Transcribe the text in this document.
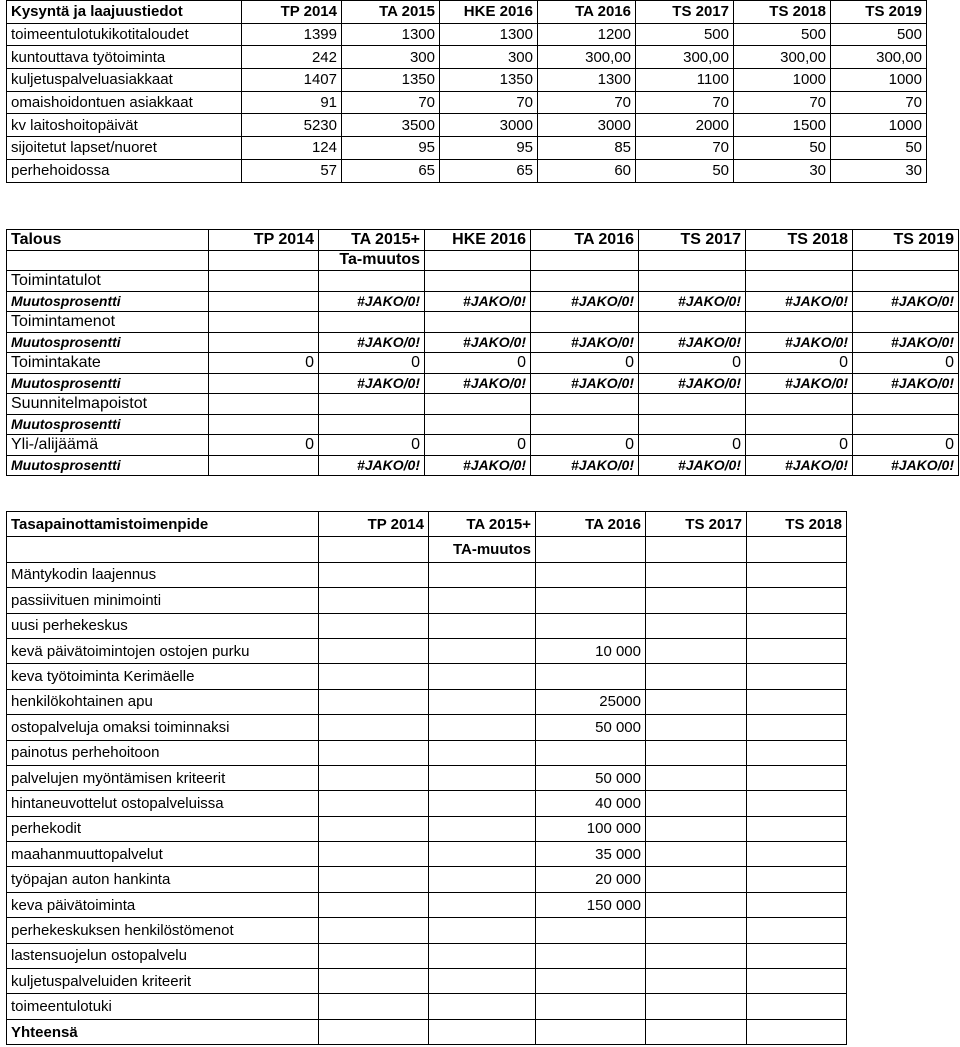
Kysyntä ja laajuustiedot	TP 2014	TA 2015	HKE 2016	TA 2016	TS 2017	TS 2018	TS 2019
toimeentulotukikotitaloudet	1399	1300	1300	1200	500	500	500
kuntouttava työtoiminta	242	300	300	300,00	300,00	300,00	300,00
kuljetuspalveluasiakkaat	1407	1350	1350	1300	1100	1000	1000
omaishoidontuen asiakkaat	91	70	70	70	70	70	70
kv laitoshoitopäivät	5230	3500	3000	3000	2000	1500	1000
sijoitetut lapset/nuoret	124	95	95	85	70	50	50
perhehoidossa	57	65	65	60	50	30	30
Talous	TP 2014	TA 2015+	HKE 2016	TA 2016	TS 2017	TS 2018	TS 2019
		Ta-muutos					
Toimintatulot							
Muutosprosentti		#JAKO/0!	#JAKO/0!	#JAKO/0!	#JAKO/0!	#JAKO/0!	#JAKO/0!
Toimintamenot							
Muutosprosentti		#JAKO/0!	#JAKO/0!	#JAKO/0!	#JAKO/0!	#JAKO/0!	#JAKO/0!
Toimintakate	0	0	0	0	0	0	0
Muutosprosentti		#JAKO/0!	#JAKO/0!	#JAKO/0!	#JAKO/0!	#JAKO/0!	#JAKO/0!
Suunnitelmapoistot							
Muutosprosentti							
Yli-/alijäämä	0	0	0	0	0	0	0
Muutosprosentti		#JAKO/0!	#JAKO/0!	#JAKO/0!	#JAKO/0!	#JAKO/0!	#JAKO/0!
Tasapainottamistoimenpide	TP 2014	TA 2015+	TA 2016	TS 2017	TS 2018
		TA-muutos			
Mäntykodin laajennus					
passiivituen minimointi					
uusi perhekeskus					
kevä päivätoimintojen ostojen purku			10 000		
keva työtoiminta Kerimäelle					
henkilökohtainen apu			25000		
ostopalveluja omaksi toiminnaksi			50 000		
painotus perhehoitoon					
palvelujen myöntämisen kriteerit			50 000		
hintaneuvottelut ostopalveluissa			40 000		
perhekodit			100 000		
maahanmuuttopalvelut			35 000		
työpajan auton hankinta			20 000		
keva päivätoiminta			150 000		
perhekeskuksen henkilöstömenot					
lastensuojelun ostopalvelu					
kuljetuspalveluiden kriteerit					
toimeentulotuki					
Yhteensä					
